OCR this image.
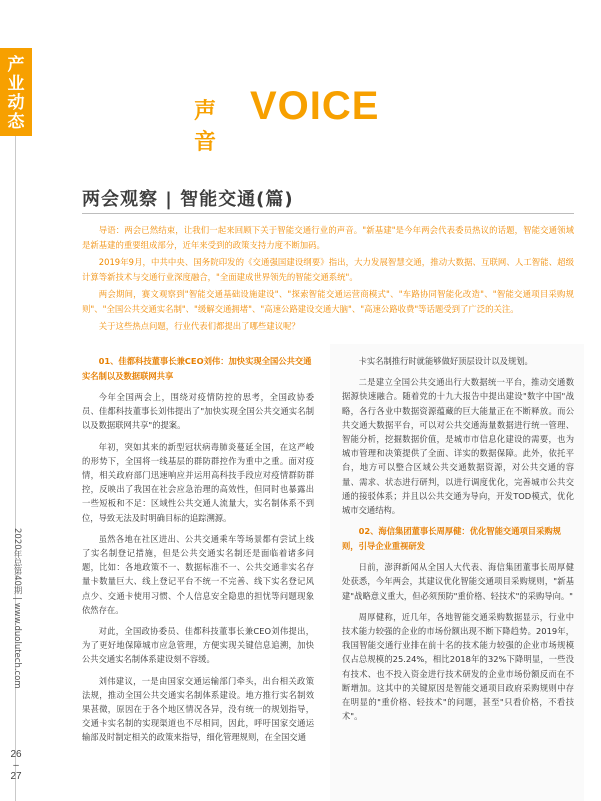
产业动态
2020年总第40期 | www.duolutech.com
26
–
27
声音
VOICE
两会观察 | 智能交通(篇)

导语：两会已然结束，让我们一起来回顾下关于智能交通行业的声音。"新基建"是今年两会代表委员热议的话题，智能交通领域是新基建的重要组成部分，近年来受到的政策支持力度不断加码。

2019年9月，中共中央、国务院印发的《交通强国建设纲要》指出，大力发展智慧交通，推动大数据、互联网、人工智能、超级计算等新技术与交通行业深度融合，"全面建成世界领先的智能交通系统"。

两会期间，赛文观察到"智能交通基础设施建设"、"探索智能交通运营商模式"、"车路协同智能化改造"、"智能交通项目采购规则"、"全国公共交通实名制"、"缓解交通拥堵"、"高速公路建设交通大脑"、"高速公路收费"等话题受到了广泛的关注。

关于这些热点问题，行业代表们都提出了哪些建议呢？

01、佳都科技董事长兼CEO刘伟：加快实现全国公共交通实名制以及数据联网共享

今年全国两会上，围绕对疫情防控的思考，全国政协委员、佳都科技董事长刘伟提出了"加快实现全国公共交通实名制以及数据联网共享"的提案。

年初，突如其来的新型冠状病毒肺炎蔓延全国，在这严峻的形势下，全国将一线基层的群防群控作为重中之重。面对疫情，相关政府部门迅速响应并运用高科技手段应对疫情群防群控，反映出了我国在社会应急治理的高效性，但同时也暴露出一些短板和不足：区域性公共交通人流量大，实名制体系不到位，导致无法及时明确目标的追踪溯源。

虽然各地在社区进出、公共交通乘车等场景都有尝试上线了实名制登记措施，但是公共交通实名制还是面临着诸多问题，比如：各地政策不一、数据标准不一、公共交通非实名存量卡数量巨大、线上登记平台不统一不完善、线下实名登记风点少、交通卡使用习惯、个人信息安全隐患的担忧等问题现象依然存在。

对此，全国政协委员、佳都科技董事长兼CEO刘伟提出，为了更好地保障城市应急管理，方便实现关键信息追溯，加快公共交通实名制体系建设刻不容缓。

刘伟建议，一是由国家交通运输部门牵头，出台相关政策法规，推动全国公共交通实名制体系建设。地方推行实名制效果甚微，原因在于各个地区情况各异，没有统一的规划指导，交通卡实名制的实现渠道也不尽相同，因此，呼吁国家交通运输部及时制定相关的政策来指导，细化管理规则，在全国交通

卡实名制推行时就能够做好顶层设计以及规划。

二是建立全国公共交通出行大数据统一平台，推动交通数据源快速融合。随着党的十九大报告中提出建设"数字中国"战略，各行各业中数据资源蕴藏的巨大能量正在不断释放。而公共交通大数据平台，可以对公共交通海量数据进行统一管理、智能分析，挖掘数据价值，是城市市信息化建设的需要，也为城市管理和决策提供了全面、详实的数据保障。此外，依托平台，地方可以整合区域公共交通数据资源，对公共交通的容量、需求、状态进行研判，以进行调度优化，完善城市公共交通的接驳体系；并且以公共交通为导向，开发TOD模式，优化城市交通结构。

02、海信集团董事长周厚健：优化智能交通项目采购规则，引导企业重视研发

日前，澎湃新闻从全国人大代表、海信集团董事长周厚健处获悉，今年两会，其建议优化智能交通项目采购规则，"新基建"战略意义重大，但必须预防"重价格、轻技术"的采购导向。"

周厚健称，近几年，各地智能交通采购数据显示，行业中技术能力较强的企业的市场份额出现不断下降趋势。2019年，我国智能交通行业排在前十名的技术能力较强的企业市场规模仅占总规模的25.24%，相比2018年的32%下降明显，一些没有技术、也不投入资金进行技术研发的企业市场份额反而在不断增加。这其中的关键原因是智能交通项目政府采购规则中存在明显的"重价格、轻技术"的问题，甚至"只看价格，不看技术"。
